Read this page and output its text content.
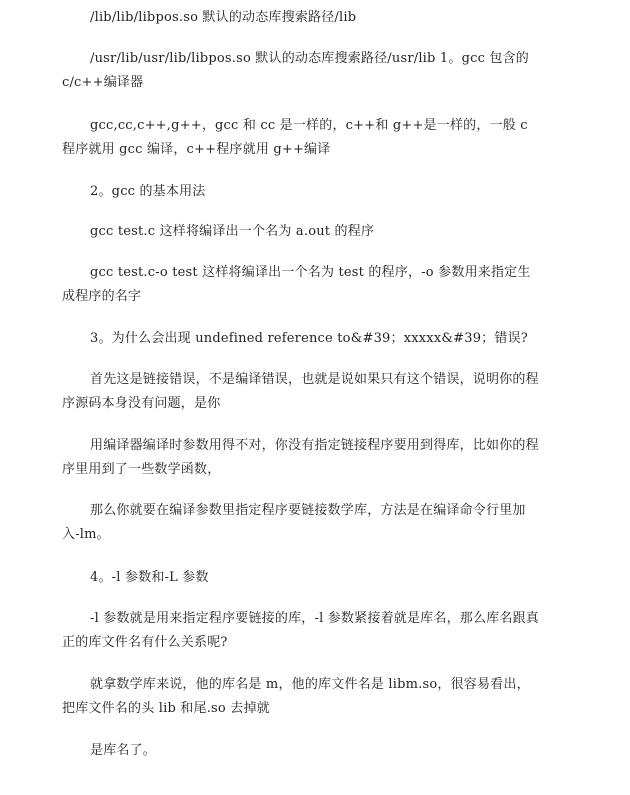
/lib/lib/libpos.so 默认的动态库搜索路径/lib

/usr/lib/usr/lib/libpos.so 默认的动态库搜索路径/usr/lib 1。gcc 包含的 c/c++编译器

gcc,cc,c++,g++，gcc 和 cc 是一样的，c++和 g++是一样的，一般 c 程序就用 gcc 编译，c++程序就用 g++编译

2。gcc 的基本用法

gcc test.c 这样将编译出一个名为 a.out 的程序

gcc test.c-o test 这样将编译出一个名为 test 的程序，-o 参数用来指定生成程序的名字

3。为什么会出现 undefined reference to&#39；xxxxx&#39；错误?

首先这是链接错误，不是编译错误，也就是说如果只有这个错误，说明你的程序源码本身没有问题，是你

用编译器编译时参数用得不对，你没有指定链接程序要用到得库，比如你的程序里用到了一些数学函数，

那么你就要在编译参数里指定程序要链接数学库，方法是在编译命令行里加入-lm。

4。-l 参数和-L 参数

-l 参数就是用来指定程序要链接的库，-l 参数紧接着就是库名，那么库名跟真正的库文件名有什么关系呢?

就拿数学库来说，他的库名是 m，他的库文件名是 libm.so，很容易看出，把库文件名的头 lib 和尾.so 去掉就

是库名了。
